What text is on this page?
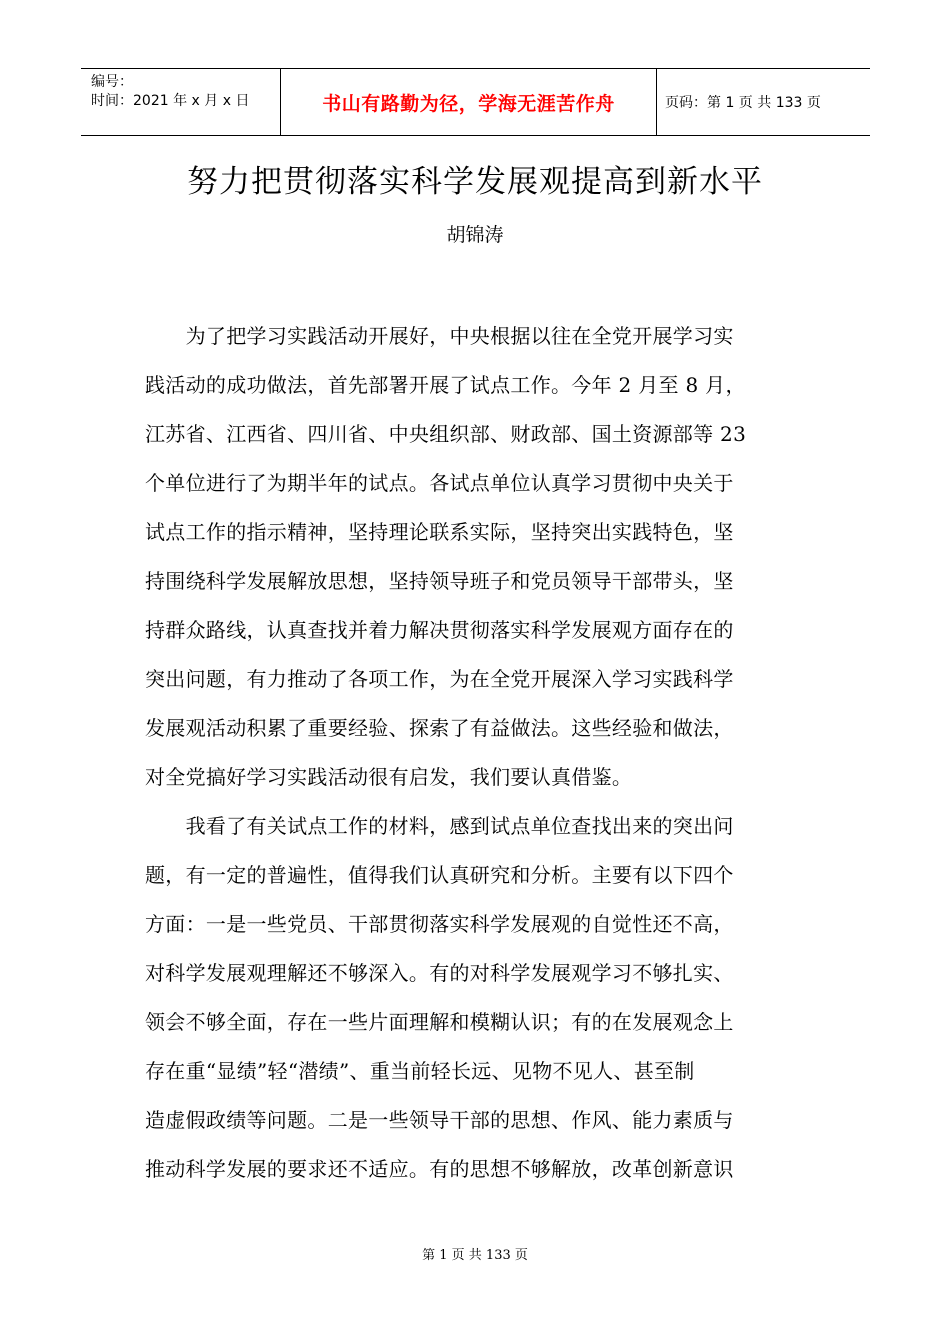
编号：
时间：2021 年 x 月 x 日	书山有路勤为径，学海无涯苦作舟	页码：第 1 页 共 133 页
努力把贯彻落实科学发展观提高到新水平
胡锦涛
　　为了把学习实践活动开展好，中央根据以往在全党开展学习实
践活动的成功做法，首先部署开展了试点工作。今年 2 月至 8 月，
江苏省、江西省、四川省、中央组织部、财政部、国土资源部等 23
个单位进行了为期半年的试点。各试点单位认真学习贯彻中央关于
试点工作的指示精神，坚持理论联系实际，坚持突出实践特色，坚
持围绕科学发展解放思想，坚持领导班子和党员领导干部带头，坚
持群众路线，认真查找并着力解决贯彻落实科学发展观方面存在的
突出问题，有力推动了各项工作，为在全党开展深入学习实践科学
发展观活动积累了重要经验、探索了有益做法。这些经验和做法，
对全党搞好学习实践活动很有启发，我们要认真借鉴。
　　我看了有关试点工作的材料，感到试点单位查找出来的突出问
题，有一定的普遍性，值得我们认真研究和分析。主要有以下四个
方面：一是一些党员、干部贯彻落实科学发展观的自觉性还不高，
对科学发展观理解还不够深入。有的对科学发展观学习不够扎实、
领会不够全面，存在一些片面理解和模糊认识；有的在发展观念上
存在重“显绩”轻“潜绩”、重当前轻长远、见物不见人、甚至制
造虚假政绩等问题。二是一些领导干部的思想、作风、能力素质与
推动科学发展的要求还不适应。有的思想不够解放，改革创新意识
第 1 页 共 133 页
